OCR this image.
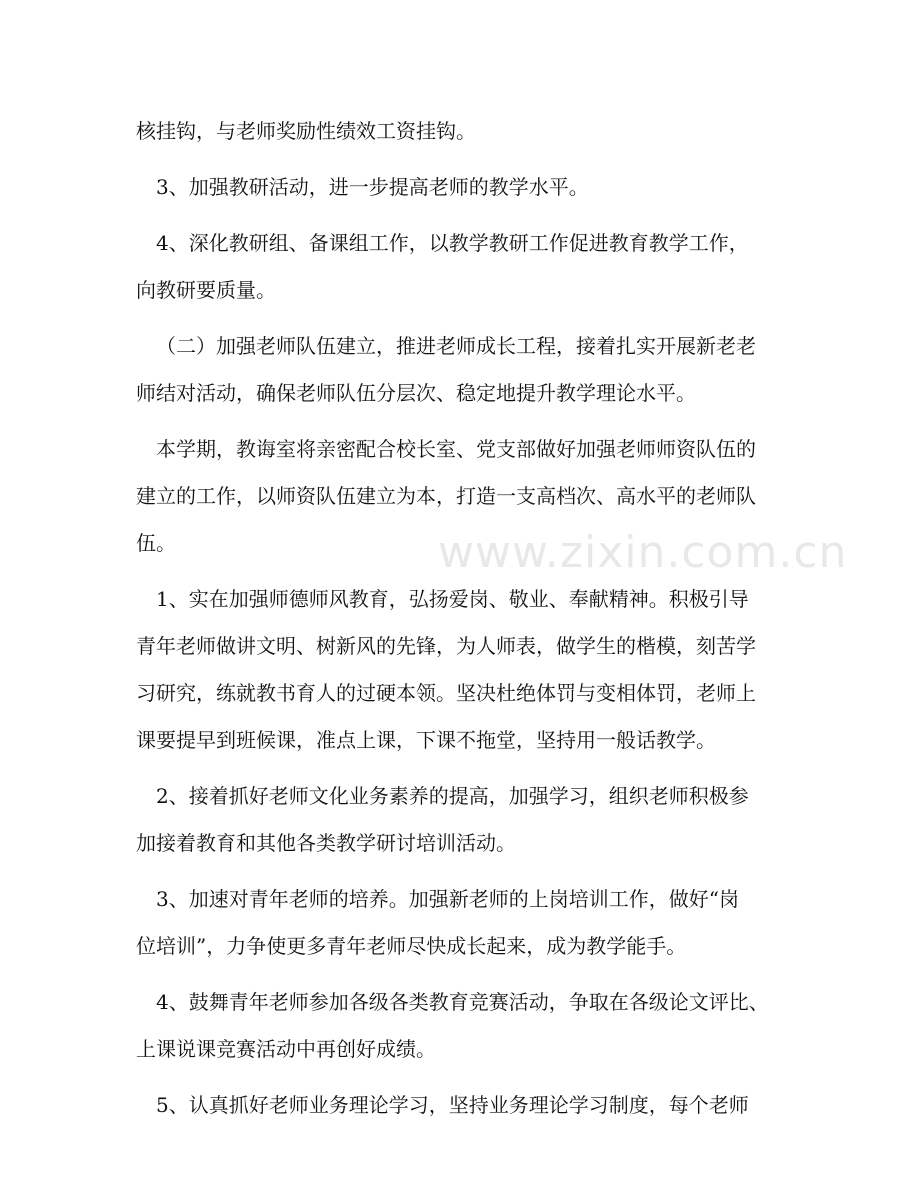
核挂钩，与老师奖励性绩效工资挂钩。
3、加强教研活动，进一步提高老师的教学水平。
4、深化教研组、备课组工作，以教学教研工作促进教育教学工作，
向教研要质量。
（二）加强老师队伍建立，推进老师成长工程，接着扎实开展新老老
师结对活动，确保老师队伍分层次、稳定地提升教学理论水平。
本学期，教诲室将亲密配合校长室、党支部做好加强老师师资队伍的
建立的工作，以师资队伍建立为本，打造一支高档次、高水平的老师队
伍。
1、实在加强师德师风教育，弘扬爱岗、敬业、奉献精神。积极引导
青年老师做讲文明、树新风的先锋，为人师表，做学生的楷模，刻苦学
习研究，练就教书育人的过硬本领。坚决杜绝体罚与变相体罚，老师上
课要提早到班候课，准点上课，下课不拖堂，坚持用一般话教学。
2、接着抓好老师文化业务素养的提高，加强学习，组织老师积极参
加接着教育和其他各类教学研讨培训活动。
3、加速对青年老师的培养。加强新老师的上岗培训工作，做好“岗
位培训”，力争使更多青年老师尽快成长起来，成为教学能手。
4、鼓舞青年老师参加各级各类教育竞赛活动，争取在各级论文评比、
上课说课竞赛活动中再创好成绩。
5、认真抓好老师业务理论学习，坚持业务理论学习制度，每个老师
www.zixin.com.cn
